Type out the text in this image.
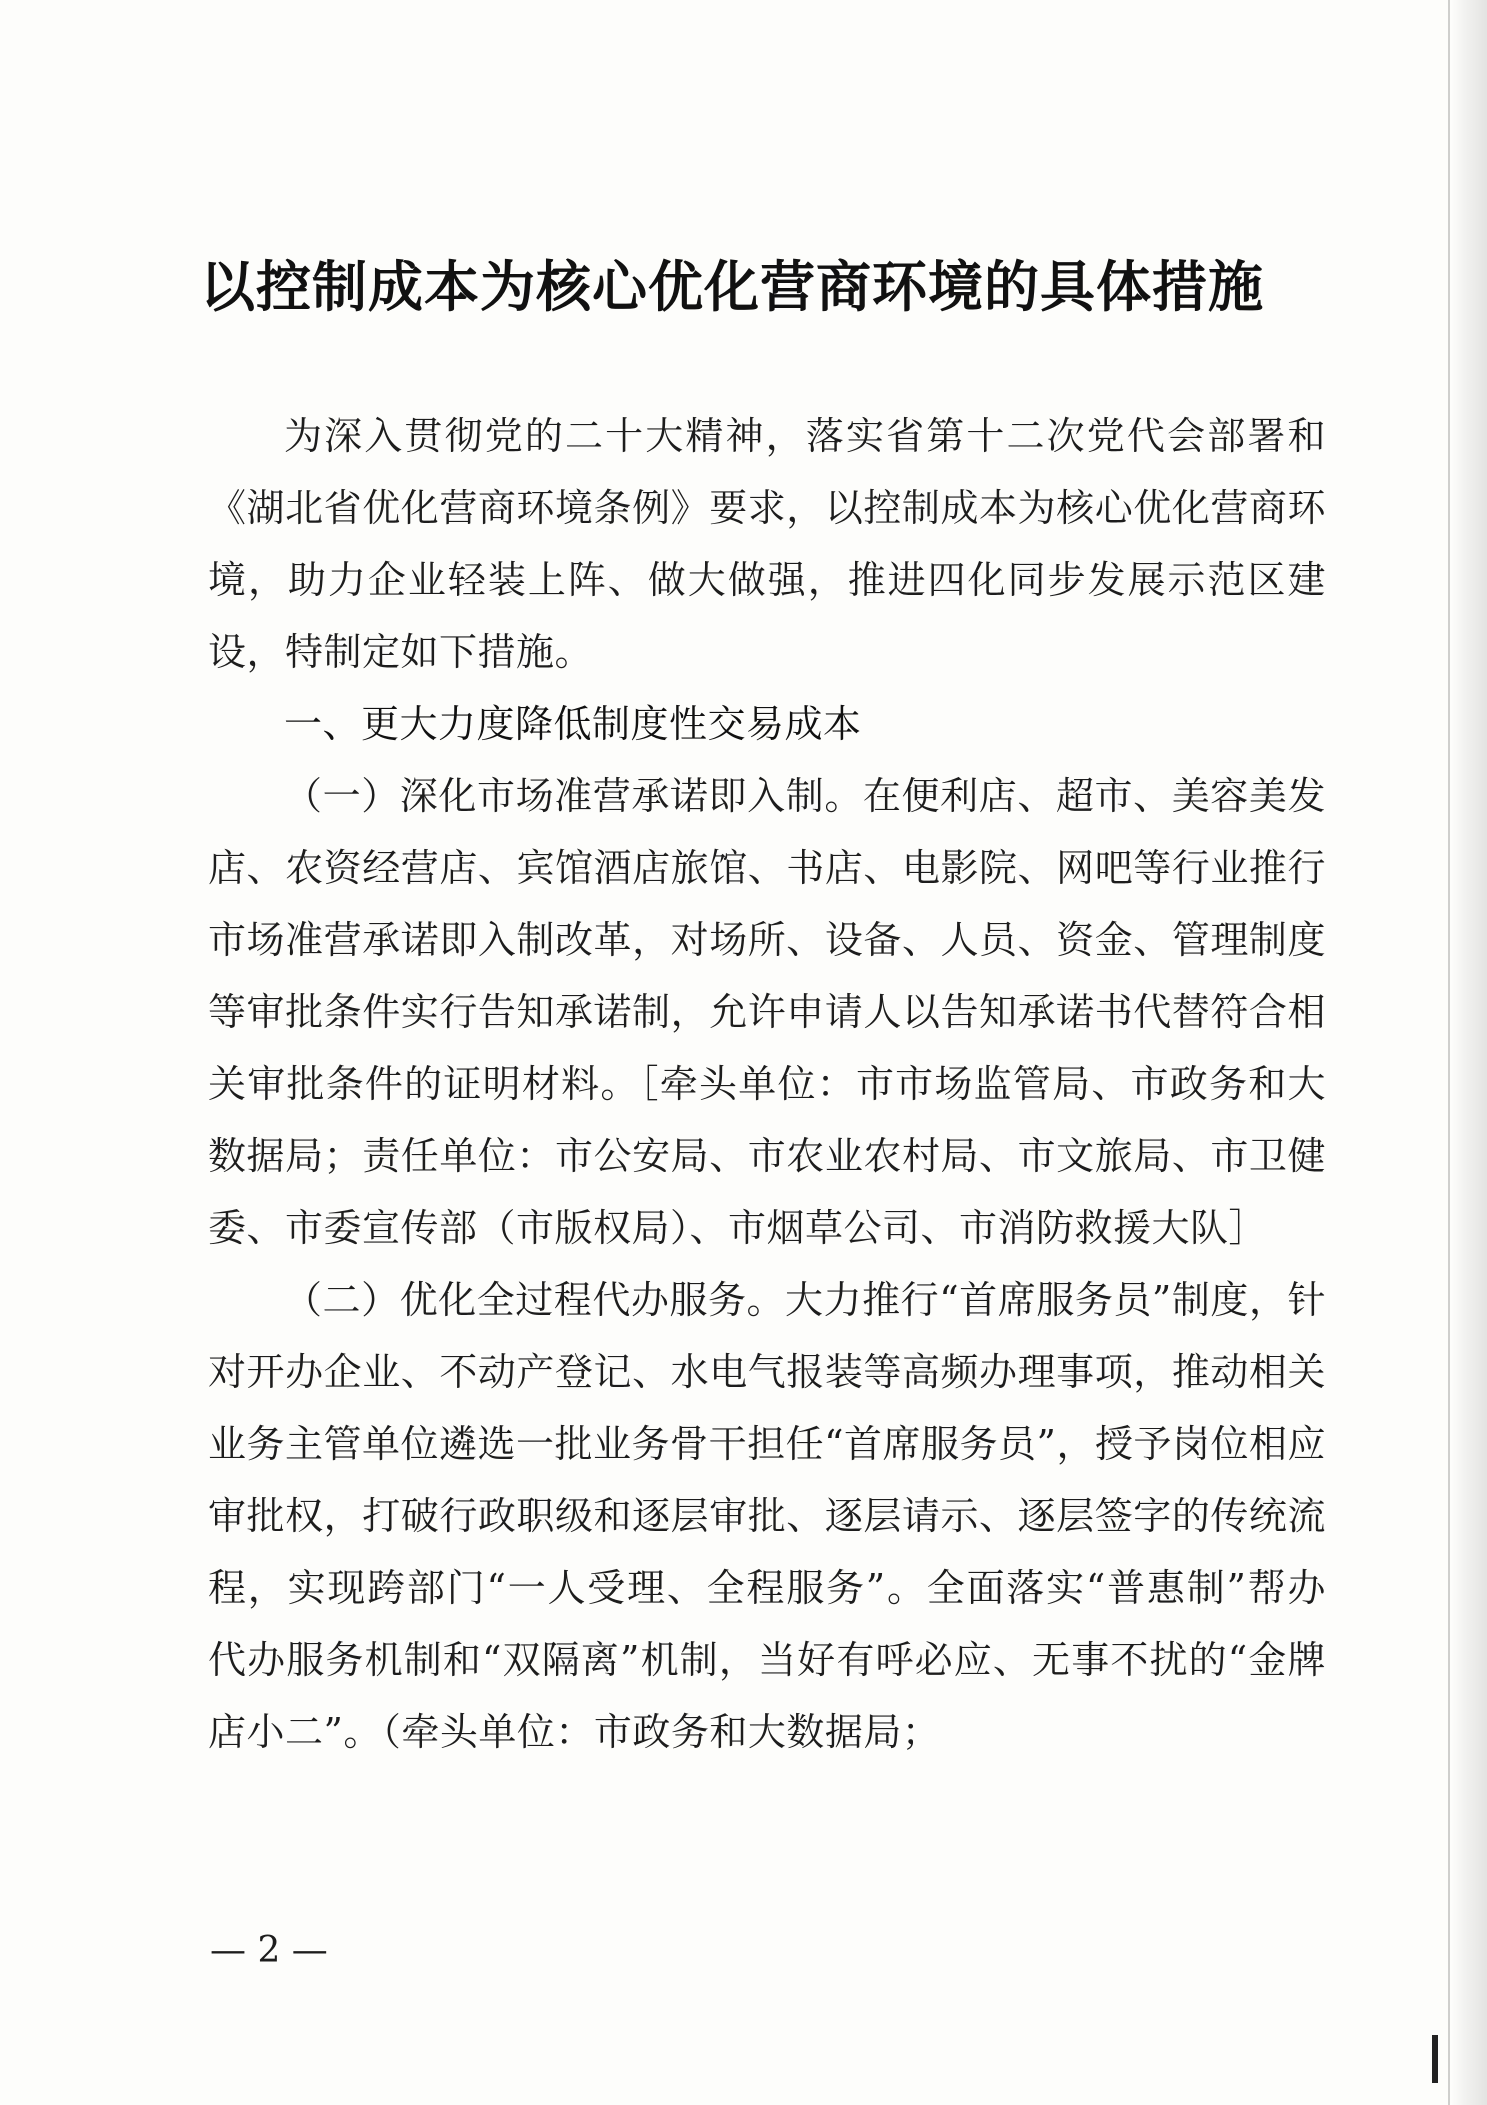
以控制成本为核心优化营商环境的具体措施

为深入贯彻党的二十大精神，落实省第十二次党代会部署和《湖北省优化营商环境条例》要求，以控制成本为核心优化营商环境，助力企业轻装上阵、做大做强，推进四化同步发展示范区建设，特制定如下措施。

一、更大力度降低制度性交易成本

（一）深化市场准营承诺即入制。在便利店、超市、美容美发店、农资经营店、宾馆酒店旅馆、书店、电影院、网吧等行业推行市场准营承诺即入制改革，对场所、设备、人员、资金、管理制度等审批条件实行告知承诺制，允许申请人以告知承诺书代替符合相关审批条件的证明材料。［牵头单位：市市场监管局、市政务和大数据局；责任单位：市公安局、市农业农村局、市文旅局、市卫健委、市委宣传部（市版权局）、市烟草公司、市消防救援大队］

（二）优化全过程代办服务。大力推行“首席服务员”制度，针对开办企业、不动产登记、水电气报装等高频办理事项，推动相关业务主管单位遴选一批业务骨干担任“首席服务员”，授予岗位相应审批权，打破行政职级和逐层审批、逐层请示、逐层签字的传统流程，实现跨部门“一人受理、全程服务”。全面落实“普惠制”帮办代办服务机制和“双隔离”机制，当好有呼必应、无事不扰的“金牌店小二”。（牵头单位：市政务和大数据局；

— 2 —
